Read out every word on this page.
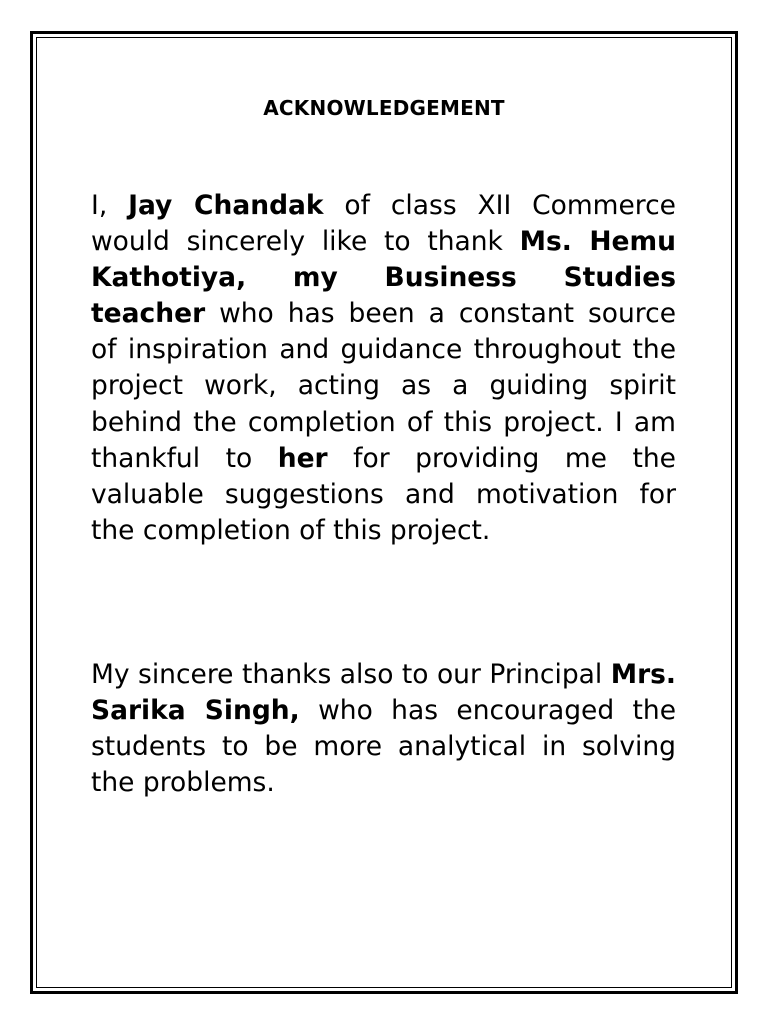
ACKNOWLEDGEMENT
I, Jay Chandak of class XII Commerce would sincerely like to thank Ms. Hemu Kathotiya, my Business Studies teacher who has been a constant source of inspiration and guidance throughout the project work, acting as a guiding spirit behind the completion of this project. I am thankful to her for providing me the valuable suggestions and motivation for the completion of this project.
My sincere thanks also to our Principal Mrs. Sarika Singh, who has encouraged the students to be more analytical in solving the problems.
